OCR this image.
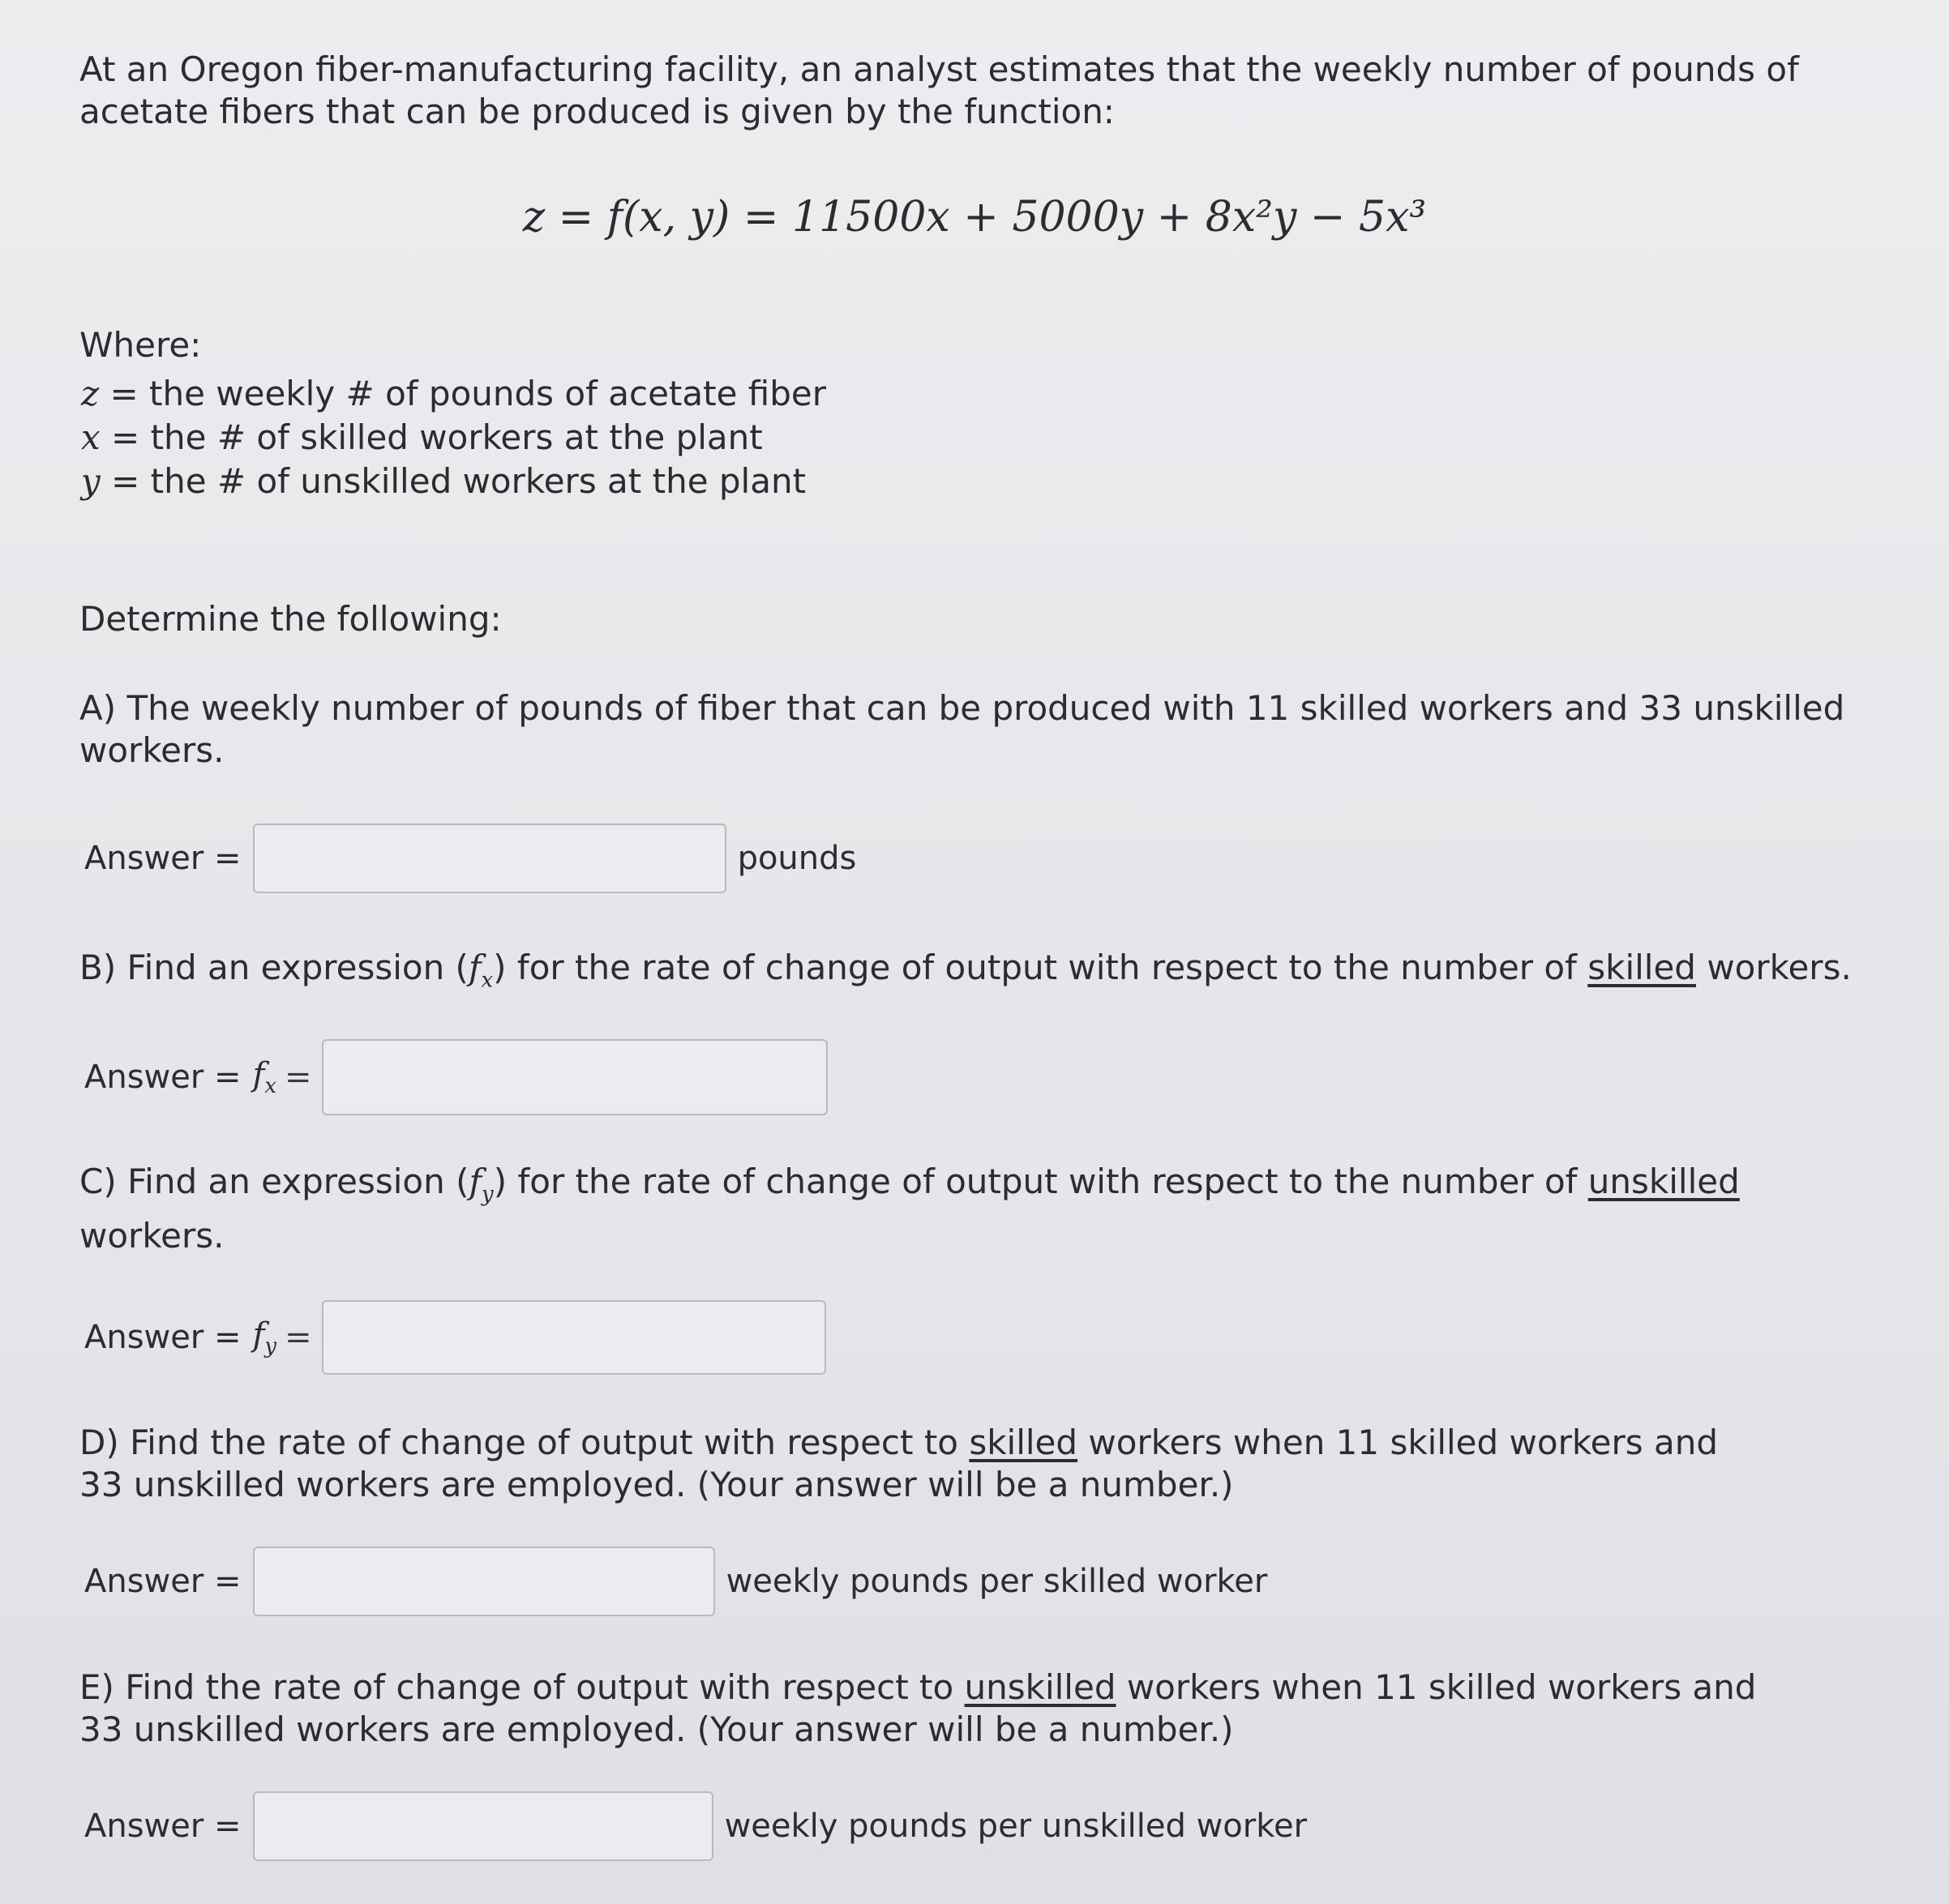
At an Oregon fiber-manufacturing facility, an analyst estimates that the weekly number of pounds of acetate fibers that can be produced is given by the function:

z = f(x, y) = 11500x + 5000y + 8x²y − 5x³

Where:

z = the weekly # of pounds of acetate fiber
x = the # of skilled workers at the plant
y = the # of unskilled workers at the plant

Determine the following:

A) The weekly number of pounds of fiber that can be produced with 11 skilled workers and 33 unskilled workers.

Answer =	pounds

B) Find an expression $(f_x)$ for the rate of change of output with respect to the number of skilled workers.

Answer = $f_x$ =

C) Find an expression $(f_y)$ for the rate of change of output with respect to the number of unskilled workers.

Answer = $f_y$ =

D) Find the rate of change of output with respect to skilled workers when 11 skilled workers and 33 unskilled workers are employed. (Your answer will be a number.)

Answer =	weekly pounds per skilled worker

E) Find the rate of change of output with respect to unskilled workers when 11 skilled workers and 33 unskilled workers are employed. (Your answer will be a number.)

Answer =	weekly pounds per unskilled worker
